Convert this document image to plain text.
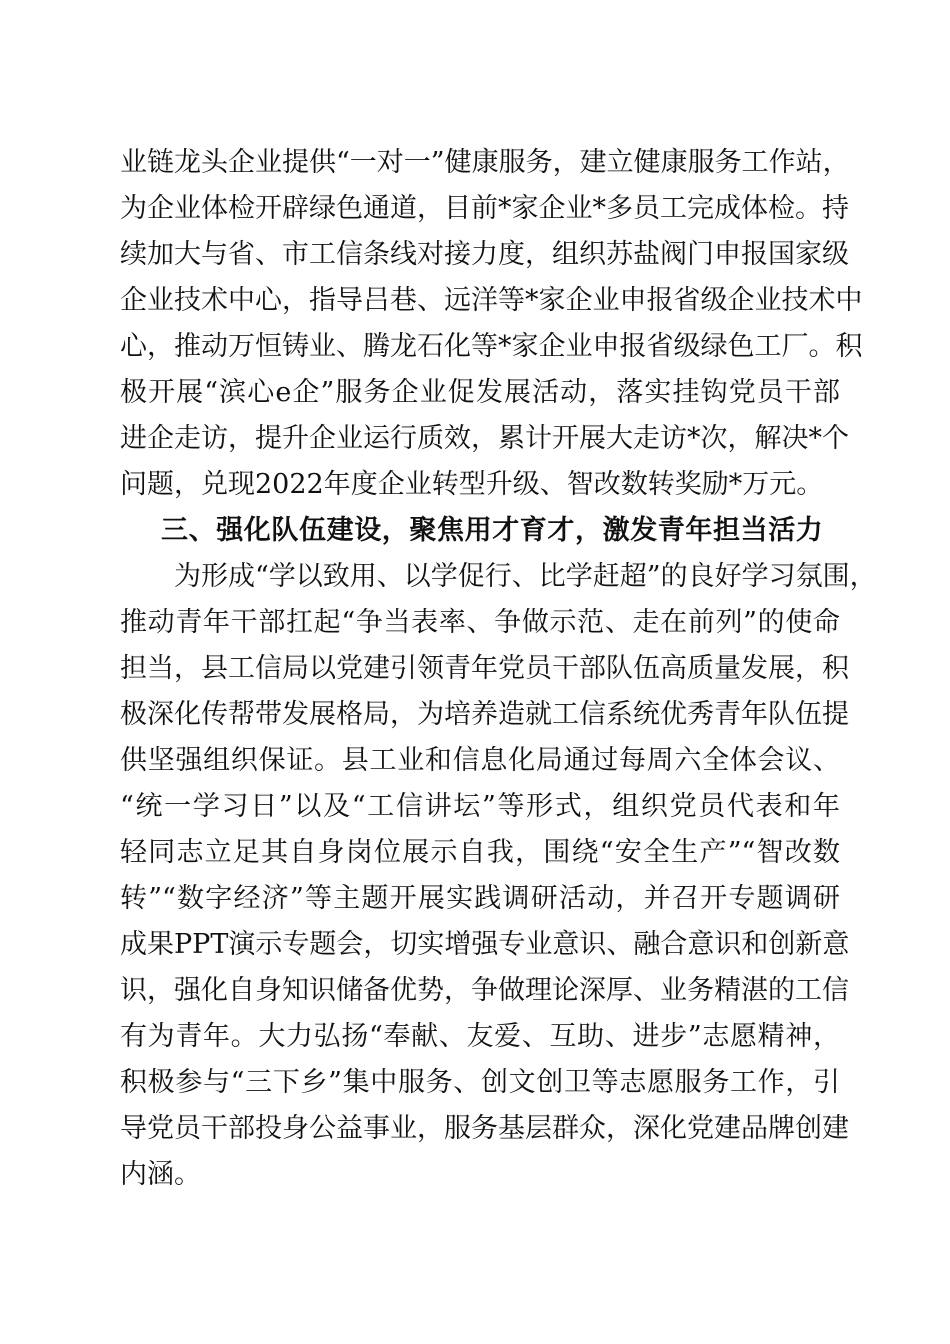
业链龙头企业提供“一对一”健康服务，建立健康服务工作站，
为企业体检开辟绿色通道，目前*家企业*多员工完成体检。持
续加大与省、市工信条线对接力度，组织苏盐阀门申报国家级
企业技术中心，指导吕巷、远洋等*家企业申报省级企业技术中
心，推动万恒铸业、腾龙石化等*家企业申报省级绿色工厂。积
极开展“滨心e企”服务企业促发展活动，落实挂钩党员干部
进企走访，提升企业运行质效，累计开展大走访*次，解决*个
问题，兑现2022年度企业转型升级、智改数转奖励*万元。
三、强化队伍建设，聚焦用才育才，激发青年担当活力
　　为形成“学以致用、以学促行、比学赶超”的良好学习氛围，
推动青年干部扛起“争当表率、争做示范、走在前列”的使命
担当，县工信局以党建引领青年党员干部队伍高质量发展，积
极深化传帮带发展格局，为培养造就工信系统优秀青年队伍提
供坚强组织保证。县工业和信息化局通过每周六全体会议、
“统一学习日”以及“工信讲坛”等形式，组织党员代表和年
轻同志立足其自身岗位展示自我，围绕“安全生产”“智改数
转”“数字经济”等主题开展实践调研活动，并召开专题调研
成果PPT演示专题会，切实增强专业意识、融合意识和创新意
识，强化自身知识储备优势，争做理论深厚、业务精湛的工信
有为青年。大力弘扬“奉献、友爱、互助、进步”志愿精神，
积极参与“三下乡”集中服务、创文创卫等志愿服务工作，引
导党员干部投身公益事业，服务基层群众，深化党建品牌创建
内涵。
